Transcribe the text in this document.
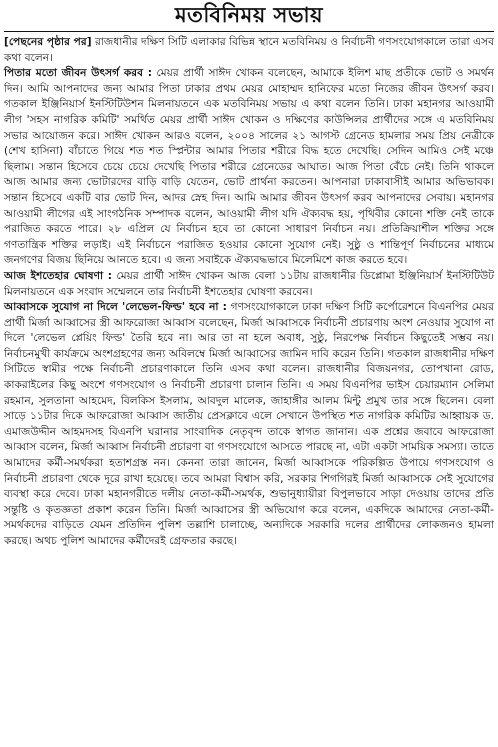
মতবিনিময় সভায়

[পেছনের পৃষ্ঠার পর] রাজধানীর দক্ষিণ সিটি এলাকার বিভিন্ন স্থানে মতবিনিময় ও নির্বাচনী গণসংযোগকালে তারা এসব কথা বলেন।

পিতার মতো জীবন উৎসর্গ করব : মেয়র প্রার্থী সাঈদ খোকন বলেছেন, আমাকে ইলিশ মাছ প্রতীকে ভোট ও সমর্থন দিন। আমি আপনাদের জন্য আমার পিতা ঢাকার প্রথম মেয়র মোহাম্মদ হানিফের মতো নিজের জীবন উৎসর্গ করব। গতকাল ইঞ্জিনিয়ার্স ইনস্টিটিউশন মিলনায়তনে এক মতবিনিময় সভায় এ কথা বলেন তিনি। ঢাকা মহানগর আওয়ামী লীগ 'সহস নাগরিক কমিটি' সমর্থিত মেয়র প্রার্থী সাঈদ খোকন ও দক্ষিণের কাউন্সিলর প্রার্থীদের সঙ্গে এ মতবিনিময় সভার আয়োজন করে। সাঈদ খোকন আরও বলেন, ২০০৪ সালের ২১ আগস্ট গ্রেনেড হামলার সময় প্রিয় নেত্রীকে (শেখ হাসিনা) বাঁচাতে গিয়ে শত শত স্প্লিন্টার আমার পিতার শরীরে বিদ্ধ হতে দেখেছি। সেদিন আমিও সেই মঞ্চে ছিলাম। সন্তান হিসেবে চেয়ে চেয়ে দেখেছি পিতার শরীরে গ্রেনেডের আঘাত। আজ পিতা বেঁচে নেই। তিনি থাকলে আজ আমার জন্য ভোটারদের বাড়ি বাড়ি যেতেন, ভোট প্রার্থনা করতেন। আপনারা ঢাকাবাসীই আমার অভিভাবক। সন্তান হিসেবে একটি বার ভোট দিন, আদর স্নেহ দিন। আমি আমার জীবন উৎসর্গ করব আপনাদের সেবায়। মহানগর আওয়ামী লীগের এই সাংগঠনিক সম্পাদক বলেন, আওয়ামী লীগ যদি ঐক্যবদ্ধ হয়, পৃথিবীর কোনো শক্তি নেই তাকে পরাজিত করতে পারে। ২৮ এপ্রিল যে নির্বাচন হবে তা কোনো সাধারণ নির্বাচন নয়। প্রতিক্রিয়াশীল শক্তির সঙ্গে গণতান্ত্রিক শক্তির লড়াই। এই নির্বাচনে পরাজিত হওয়ার কোনো সুযোগ নেই। সুষ্ঠু ও শান্তিপূর্ণ নির্বাচনের মাধ্যমে জনগণের বিজয় ছিনিয়ে আনতে হবে। এ জন্য সবাইকে ঐক্যবদ্ধভাবে মিলেমিশে কাজ করতে হবে।

আজ ইশতেহার ঘোষণা : মেয়র প্রার্থী সাঈদ খোকন আজ বেলা ১১টায় রাজধানীর ডিপ্লোমা ইঞ্জিনিয়ার্স ইনস্টিটিউট মিলনায়তনে এক সংবাদ সম্মেলনে তার নির্বাচনী ইশতেহার ঘোষণা করবেন।

আব্বাসকে সুযোগ না দিলে 'লেভেল-ফিল্ড' হবে না : গণসংযোগকালে ঢাকা দক্ষিণ সিটি কর্পোরেশনে বিএনপির মেয়র প্রার্থী মির্জা আব্বাসের স্ত্রী আফরোজা আব্বাস বলেছেন, মির্জা আব্বাসকে নির্বাচনী প্রচারণায় অংশ নেওয়ার সুযোগ না দিলে 'লেভেল প্লেয়িং ফিল্ড' তৈরি হবে না। আর তা না হলে অবাধ, সুষ্ঠু, নিরপেক্ষ নির্বাচন কিছুতেই সম্ভব নয়। নির্বাচনমুখী কার্যক্রমে অংশগ্রহণের জন্য অবিলম্বে মির্জা আব্বাসের জামিন দাবি করেন তিনি। গতকাল রাজধানীর দক্ষিণ সিটিতে স্বামীর পক্ষে নির্বাচনী প্রচারণাকালে তিনি এসব কথা বলেন। রাজধানীর বিজয়নগর, তোপখানা রোড, কাকরাইলের কিছু অংশে গণসংযোগ ও নির্বাচনী প্রচারণা চালান তিনি। এ সময় বিএনপির ভাইস চেয়ারম্যান সেলিমা রহমান, সুলতানা আহমেদ, বিলকিস ইসলাম, আবদুল মালেক, জাহাঙ্গীর আলম মিন্টু প্রমুখ তার সঙ্গে ছিলেন। বেলা সাড়ে ১১টার দিকে আফরোজা আব্বাস জাতীয় প্রেসক্লাবে এলে সেখানে উপস্থিত শত নাগরিক কমিটির আহ্বায়ক ড. এমাজউদ্দীন আহমদসহ বিএনপি ঘরানার সাংবাদিক নেতৃবৃন্দ তাকে স্বাগত জানান। এক প্রশ্নের জবাবে আফরোজা আব্বাস বলেন, মির্জা আব্বাস নির্বাচনী প্রচারণা বা গণসংযোগে আসতে পারছে না, এটা একটা সাময়িক সমস্যা। তাতে আমাদের কর্মী-সমর্থকরা হতাশগ্রস্ত নন। কেননা তারা জানেন, মির্জা আব্বাসকে পরিকল্পিত উপায়ে গণসংযোগ ও নির্বাচনী প্রচারণা থেকে দূরে রাখা হয়েছে। তবে আমরা বিশ্বাস করি, সরকার শিগগিরই মির্জা আব্বাসকে সেই সুযোগের ব্যবস্থা করে দেবে। ঢাকা মহানগরীতে দলীয় নেতা-কর্মী-সমর্থক, শুভানুধ্যায়ীরা বিপুলভাবে সাড়া দেওয়ায় তাদের প্রতি সন্তুষ্টি ও কৃতজ্ঞতা প্রকাশ করেন তিনি। মির্জা আব্বাসের স্ত্রী অভিযোগ করে বলেন, একদিকে আমাদের নেতা-কর্মী-সমর্থকদের বাড়িতে যেমন প্রতিদিন পুলিশ তল্লাশি চালাচ্ছে, অন্যদিকে সরকারি দলের প্রার্থীদের লোকজনও হামলা করছে। অথচ পুলিশ আমাদের কর্মীদেরই গ্রেফতার করছে।
